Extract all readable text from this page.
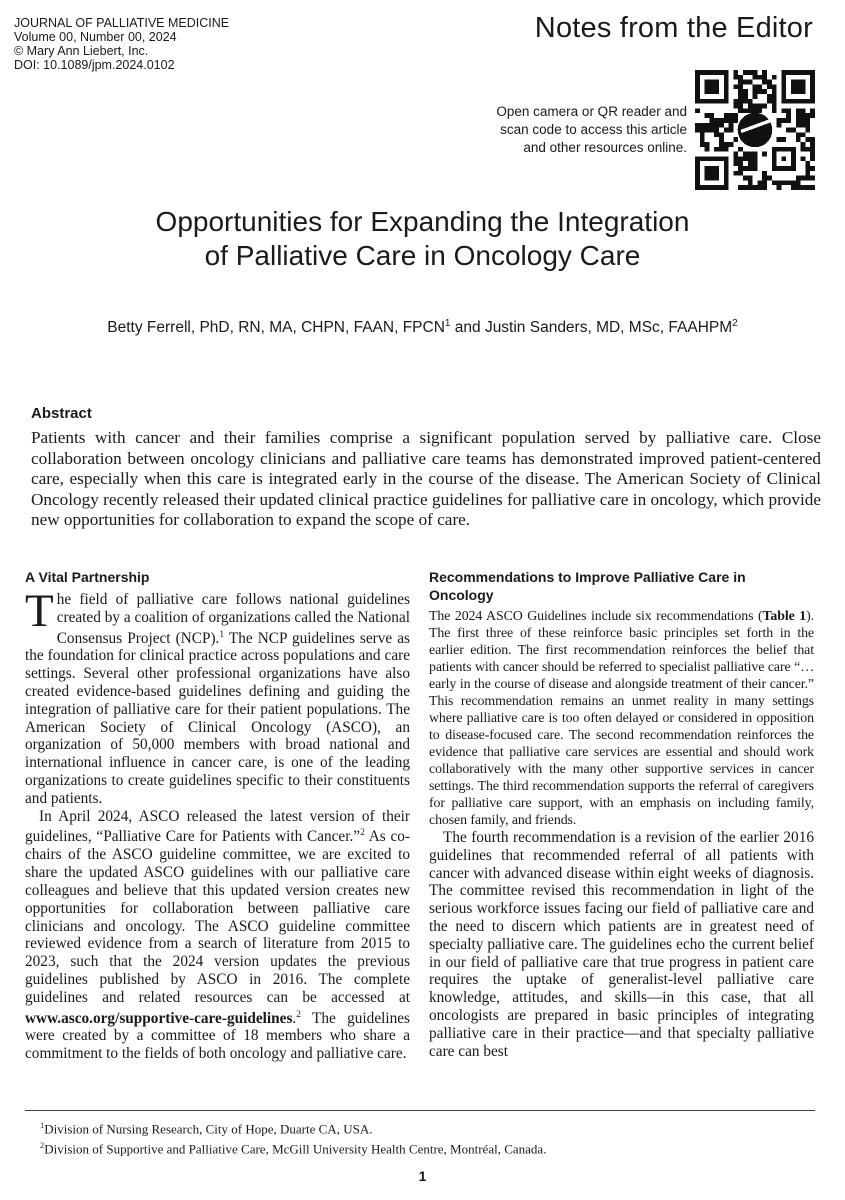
JOURNAL OF PALLIATIVE MEDICINE
Volume 00, Number 00, 2024
© Mary Ann Liebert, Inc.
DOI: 10.1089/jpm.2024.0102
Notes from the Editor
Open camera or QR reader and
scan code to access this article
and other resources online.
Opportunities for Expanding the Integration
of Palliative Care in Oncology Care
Betty Ferrell, PhD, RN, MA, CHPN, FAAN, FPCN$^1$ and Justin Sanders, MD, MSc, FAAHPM$^2$
Abstract
Patients with cancer and their families comprise a significant population served by palliative care. Close collaboration between oncology clinicians and palliative care teams has demonstrated improved patient-centered care, especially when this care is integrated early in the course of the disease. The American Society of Clinical Oncology recently released their updated clinical practice guidelines for palliative care in oncology, which provide new opportunities for collaboration to expand the scope of care.
A Vital Partnership

The field of palliative care follows national guidelines created by a coalition of organizations called the National Consensus Project (NCP).$^1$ The NCP guidelines serve as the foundation for clinical practice across populations and care settings. Several other professional organizations have also created evidence-based guidelines defining and guiding the integration of palliative care for their patient populations. The American Society of Clinical Oncology (ASCO), an organization of 50,000 members with broad national and international influence in cancer care, is one of the leading organizations to create guidelines specific to their constituents and patients.

In April 2024, ASCO released the latest version of their guidelines, “Palliative Care for Patients with Cancer.”$^2$ As co-chairs of the ASCO guideline committee, we are excited to share the updated ASCO guidelines with our palliative care colleagues and believe that this updated version creates new opportunities for collaboration between palliative care clinicians and oncology. The ASCO guideline committee reviewed evidence from a search of literature from 2015 to 2023, such that the 2024 version updates the previous guidelines published by ASCO in 2016. The complete guidelines and related resources can be accessed at www.asco.org/supportive-care-guidelines.$^2$ The guidelines were created by a committee of 18 members who share a commitment to the fields of both oncology and palliative care.

Recommendations to Improve Palliative Care in Oncology

The 2024 ASCO Guidelines include six recommendations (Table 1). The first three of these reinforce basic principles set forth in the earlier edition. The first recommendation reinforces the belief that patients with cancer should be referred to specialist palliative care “…early in the course of disease and alongside treatment of their cancer.” This recommendation remains an unmet reality in many settings where palliative care is too often delayed or considered in opposition to disease-focused care. The second recommendation reinforces the evidence that palliative care services are essential and should work collaboratively with the many other supportive services in cancer settings. The third recommendation supports the referral of caregivers for palliative care support, with an emphasis on including family, chosen family, and friends.

The fourth recommendation is a revision of the earlier 2016 guidelines that recommended referral of all patients with cancer with advanced disease within eight weeks of diagnosis. The committee revised this recommendation in light of the serious workforce issues facing our field of palliative care and the need to discern which patients are in greatest need of specialty palliative care. The guidelines echo the current belief in our field of palliative care that true progress in patient care requires the uptake of generalist-level palliative care knowledge, attitudes, and skills—in this case, that all oncologists are prepared in basic principles of integrating palliative care in their practice—and that specialty palliative care can best

$^1$Division of Nursing Research, City of Hope, Duarte CA, USA.
$^2$Division of Supportive and Palliative Care, McGill University Health Centre, Montréal, Canada.
1
